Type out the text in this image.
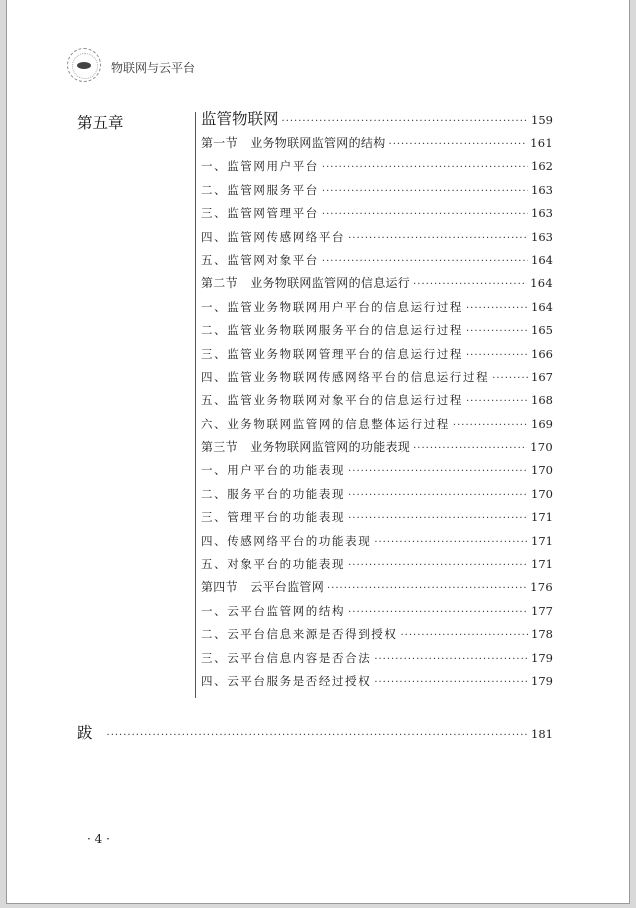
物联网与云平台
第五章	监管物联网 ·····	159
第一节　业务物联网监管网的结构 ·····	161
一、监管网用户平台 ·····	162
二、监管网服务平台 ·····	163
三、监管网管理平台 ·····	163
四、监管网传感网络平台 ·····	163
五、监管网对象平台 ·····	164
第二节　业务物联网监管网的信息运行 ·····	164
一、监管业务物联网用户平台的信息运行过程 ·····	164
二、监管业务物联网服务平台的信息运行过程 ·····	165
三、监管业务物联网管理平台的信息运行过程 ·····	166
四、监管业务物联网传感网络平台的信息运行过程 ·····	167
五、监管业务物联网对象平台的信息运行过程 ·····	168
六、业务物联网监管网的信息整体运行过程 ·····	169
第三节　业务物联网监管网的功能表现 ·····	170
一、用户平台的功能表现 ·····	170
二、服务平台的功能表现 ·····	170
三、管理平台的功能表现 ·····	171
四、传感网络平台的功能表现 ·····	171
五、对象平台的功能表现 ·····	171
第四节　云平台监管网 ·····	176
一、云平台监管网的结构 ·····	177
二、云平台信息来源是否得到授权 ·····	178
三、云平台信息内容是否合法 ·····	179
四、云平台服务是否经过授权 ·····	179
跋 ·····	181
· 4 ·
